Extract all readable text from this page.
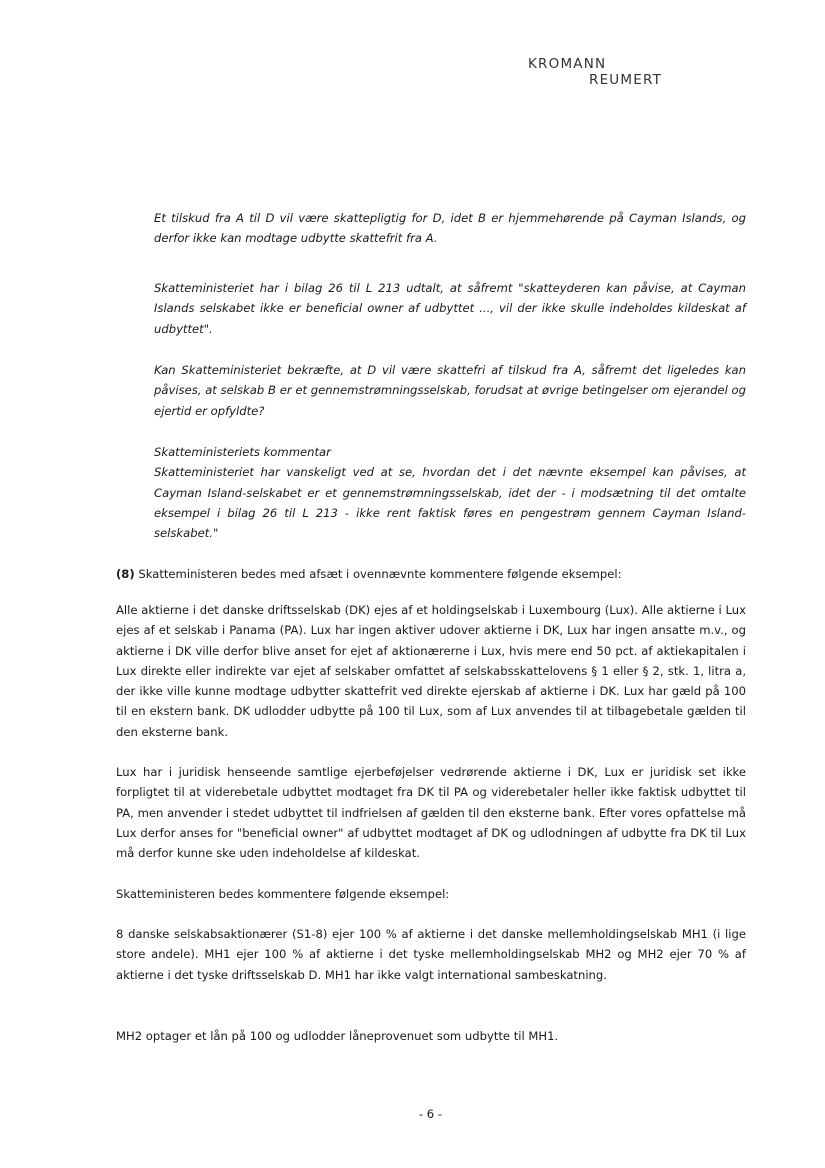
KROMANN
REUMERT

Et tilskud fra A til D vil være skattepligtig for D, idet B er hjemmehørende på Cayman Islands, og derfor ikke kan modtage udbytte skattefrit fra A.

Skatteministeriet har i bilag 26 til L 213 udtalt, at såfremt "skatteyderen kan påvise, at Cayman Islands selskabet ikke er beneficial owner af udbyttet ..., vil der ikke skulle indeholdes kildeskat af udbyttet".

Kan Skatteministeriet bekræfte, at D vil være skattefri af tilskud fra A, såfremt det ligeledes kan påvises, at selskab B er et gennemstrømningsselskab, forudsat at øvrige betingelser om ejerandel og ejertid er opfyldte?

Skatteministeriets kommentar
Skatteministeriet har vanskeligt ved at se, hvordan det i det nævnte eksempel kan påvises, at Cayman Island-selskabet er et gennemstrømningsselskab, idet der - i modsætning til det omtalte eksempel i bilag 26 til L 213 - ikke rent faktisk føres en pengestrøm gennem Cayman Island-selskabet."

(8) Skatteministeren bedes med afsæt i ovennævnte kommentere følgende eksempel:

Alle aktierne i det danske driftsselskab (DK) ejes af et holdingselskab i Luxembourg (Lux). Alle aktierne i Lux ejes af et selskab i Panama (PA). Lux har ingen aktiver udover aktierne i DK, Lux har ingen ansatte m.v., og aktierne i DK ville derfor blive anset for ejet af aktionærerne i Lux, hvis mere end 50 pct. af aktiekapitalen i Lux direkte eller indirekte var ejet af selskaber omfattet af selskabsskattelovens § 1 eller § 2, stk. 1, litra a, der ikke ville kunne modtage udbytter skattefrit ved direkte ejerskab af aktierne i DK. Lux har gæld på 100 til en ekstern bank. DK udlodder udbytte på 100 til Lux, som af Lux anvendes til at tilbagebetale gælden til den eksterne bank.

Lux har i juridisk henseende samtlige ejerbeføjelser vedrørende aktierne i DK, Lux er juridisk set ikke forpligtet til at viderebetale udbyttet modtaget fra DK til PA og viderebetaler heller ikke faktisk udbyttet til PA, men anvender i stedet udbyttet til indfrielsen af gælden til den eksterne bank. Efter vores opfattelse må Lux derfor anses for "beneficial owner" af udbyttet modtaget af DK og udlodningen af udbytte fra DK til Lux må derfor kunne ske uden indeholdelse af kildeskat.

Skatteministeren bedes kommentere følgende eksempel:

8 danske selskabsaktionærer (S1-8) ejer 100 % af aktierne i det danske mellemholdingselskab MH1 (i lige store andele). MH1 ejer 100 % af aktierne i det tyske mellemholdingselskab MH2 og MH2 ejer 70 % af aktierne i det tyske driftsselskab D. MH1 har ikke valgt international sambeskatning.

MH2 optager et lån på 100 og udlodder låneprovenuet som udbytte til MH1.

- 6 -
